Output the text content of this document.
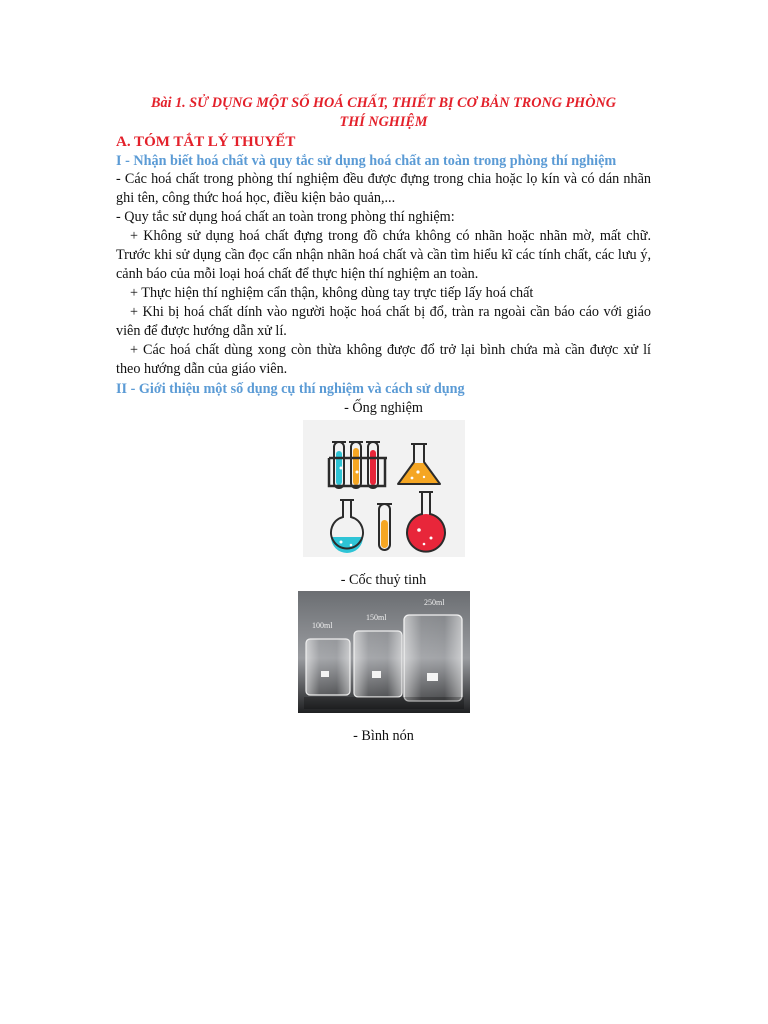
Bài 1. SỬ DỤNG MỘT SỐ HOÁ CHẤT, THIẾT BỊ CƠ BẢN TRONG PHÒNG
THÍ NGHIỆM

A. TÓM TẮT LÝ THUYẾT

I - Nhận biết hoá chất và quy tắc sử dụng hoá chất an toàn trong phòng thí nghiệm

- Các hoá chất trong phòng thí nghiệm đều được đựng trong chia hoặc lọ kín và có dán nhãn ghi tên, công thức hoá học, điều kiện bảo quản,...

- Quy tắc sử dụng hoá chất an toàn trong phòng thí nghiệm:

+ Không sử dụng hoá chất đựng trong đồ chứa không có nhãn hoặc nhãn mờ, mất chữ. Trước khi sử dụng cần đọc cẩn nhận nhãn hoá chất và cần tìm hiểu kĩ các tính chất, các lưu ý, cảnh báo của mỗi loại hoá chất để thực hiện thí nghiệm an toàn.

+ Thực hiện thí nghiệm cẩn thận, không dùng tay trực tiếp lấy hoá chất

+ Khi bị hoá chất dính vào người hoặc hoá chất bị đổ, tràn ra ngoài cần báo cáo với giáo viên để được hướng dẫn xử lí.

+ Các hoá chất dùng xong còn thừa không được đổ trở lại bình chứa mà cần được xử lí theo hướng dẫn của giáo viên.

II - Giới thiệu một số dụng cụ thí nghiệm và cách sử dụng

- Ống nghiệm

- Cốc thuỷ tinh

100ml
150ml
250ml

- Bình nón
